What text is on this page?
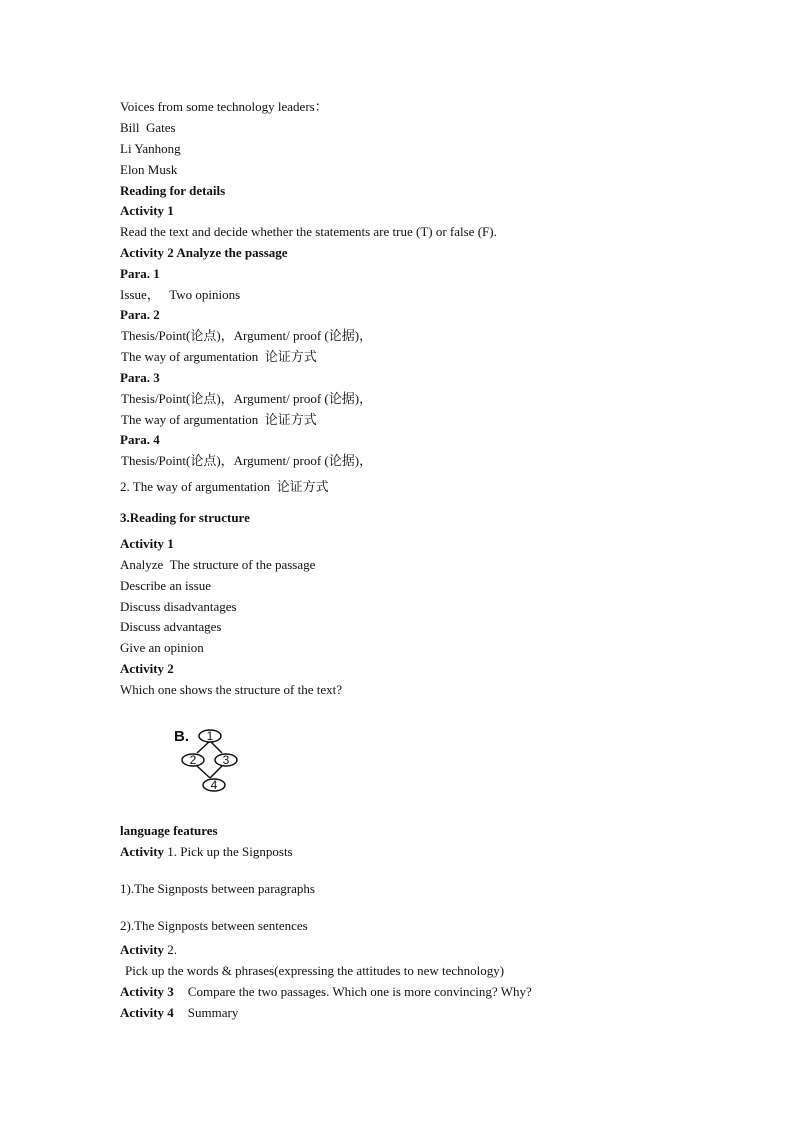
Voices from some technology leaders：
Bill  Gates
Li Yanhong
Elon Musk
Reading for details
Activity 1
Read the text and decide whether the statements are true (T) or false (F).
Activity 2 Analyze the passage
Para. 1
Issue，   Two opinions
Para. 2
Thesis/Point(论点)，Argument/ proof (论据)，
The way of argumentation  论证方式
Para. 3
Thesis/Point(论点)，Argument/ proof (论据)，
The way of argumentation  论证方式
Para. 4
Thesis/Point(论点)，Argument/ proof (论据)，
2. The way of argumentation  论证方式
3.Reading for structure
Activity 1
Analyze  The structure of the passage
Describe an issue
Discuss disadvantages
Discuss advantages
Give an opinion
Activity 2
Which one shows the structure of the text?
B. 1
2 3
4
language features
Activity 1. Pick up the Signposts
1).The Signposts between paragraphs
2).The Signposts between sentences
Activity 2.
Pick up the words & phrases(expressing the attitudes to new technology)
Activity 3 Compare the two passages. Which one is more convincing? Why?
Activity 4 Summary
